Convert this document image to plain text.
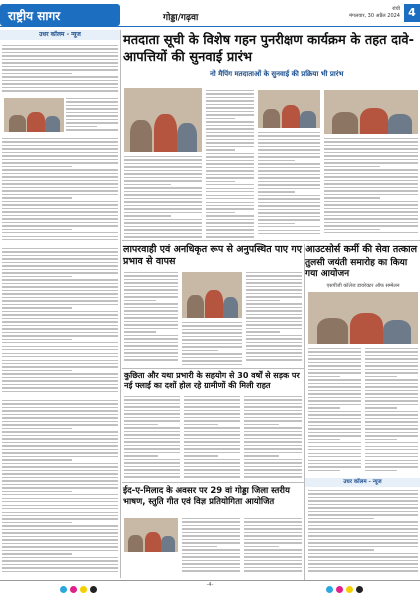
राष्ट्रीय सागर	गोड्डा/गढ़वा
रांची
मंगलवार, 30 अप्रैल 2024 4
उधर कॉलम - न्यूज	मतदाता सूची के विशेष गहन पुनरीक्षण कार्यक्रम के तहत दावे-आपत्तियों की सुनवाई प्रारंभ
नो मैपिंग मतदाताओं के सुनवाई की प्रक्रिया भी प्रारंभ
लापरवाही एवं अनधिकृत रूप से अनुपस्थित पाए गए आउटसोर्स कर्मी की सेवा तत्काल प्रभाव से वापस	तुलसी जयंती समारोह का किया गया आयोजन
एसपीजी कॉलेज डायरेक्टर ऑफ सम्मेलन
कुछिता और यथा प्रभारी के सहयोग से 30 वर्षों से सड़क पर नई फ्लाई का दशों होल रहे ग्रामीणों की मिली राहत
उधर कॉलम - न्यूज
ईद-ए-मिलाद के अवसर पर 29 वां गोड्डा जिला स्तरीय भाषण, स्तुति गीत एवं विज्ञ प्रतियोगिता आयोजित
-4-
